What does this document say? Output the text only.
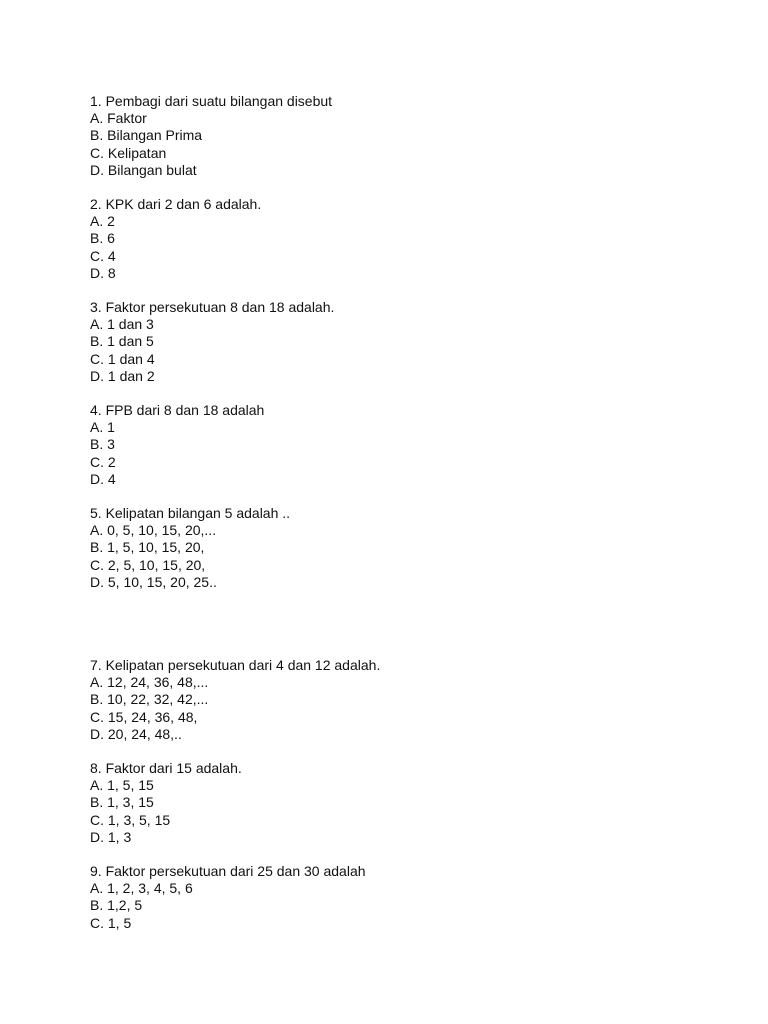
1. Pembagi dari suatu bilangan disebut
A. Faktor
B. Bilangan Prima
C. Kelipatan
D. Bilangan bulat
2. KPK dari 2 dan 6 adalah.
A. 2
B. 6
C. 4
D. 8
3. Faktor persekutuan 8 dan 18 adalah.
A. 1 dan 3
B. 1 dan 5
C. 1 dan 4
D. 1 dan 2
4. FPB dari 8 dan 18 adalah
A. 1
B. 3
C. 2
D. 4
5. Kelipatan bilangan 5 adalah ..
A. 0, 5, 10, 15, 20,...
B. 1, 5, 10, 15, 20,
C. 2, 5, 10, 15, 20,
D. 5, 10, 15, 20, 25..
7. Kelipatan persekutuan dari 4 dan 12 adalah.
A. 12, 24, 36, 48,...
B. 10, 22, 32, 42,...
C. 15, 24, 36, 48,
D. 20, 24, 48,..
8. Faktor dari 15 adalah.
A. 1, 5, 15
B. 1, 3, 15
C. 1, 3, 5, 15
D. 1, 3
9. Faktor persekutuan dari 25 dan 30 adalah
A. 1, 2, 3, 4, 5, 6
B. 1,2, 5
C. 1, 5
